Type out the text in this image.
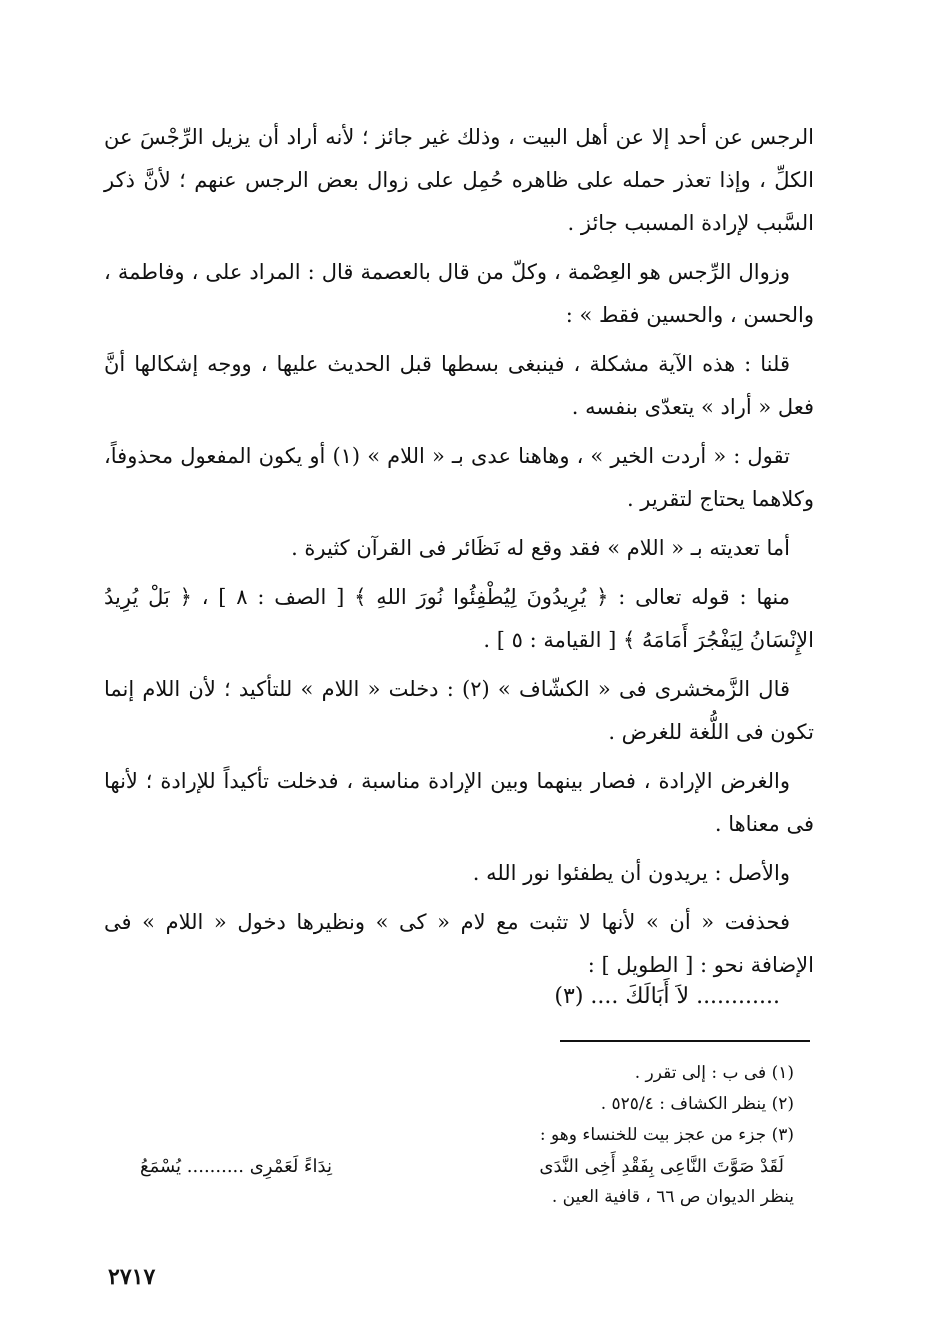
الرجس عن أحد إلا عن أهل البيت ، وذلك غير جائز ؛ لأنه أراد أن يزيل الرِّجْسَ عن الكلِّ ، وإذا تعذر حمله على ظاهره حُمِل على زوال بعض الرجس عنهم ؛ لأنَّ ذكر السَّبب لإرادة المسبب جائز .

وزوال الرِّجس هو العِصْمة ، وكلّ من قال بالعصمة قال : المراد على ، وفاطمة ، والحسن ، والحسين فقط » :

قلنا : هذه الآية مشكلة ، فينبغى بسطها قبل الحديث عليها ، ووجه إشكالها أنَّ فعل « أراد » يتعدّى بنفسه .

تقول : « أردت الخير » ، وهاهنا عدى بـ « اللام » (١) أو يكون المفعول محذوفاً، وكلاهما يحتاج لتقرير .

أما تعديته بـ « اللام » فقد وقع له نَظَائر فى القرآن كثيرة .

منها : قوله تعالى : ﴿ يُرِيدُونَ لِيُطْفِئُوا نُورَ اللهِ ﴾ [ الصف : ٨ ] ، ﴿ بَلْ يُرِيدُ الإِنْسَانُ لِيَفْجُرَ أَمَامَهُ ﴾ [ القيامة : ٥ ] .

قال الزَّمخشرى فى « الكشّاف » (٢) : دخلت « اللام » للتأكيد ؛ لأن اللام إنما تكون فى اللُّغة للغرض .

والغرض الإرادة ، فصار بينهما وبين الإرادة مناسبة ، فدخلت تأكيداً للإرادة ؛ لأنها فى معناها .

والأصل : يريدون أن يطفئوا نور الله .

فحذفت « أن » لأنها لا تثبت مع لام « كى » ونظيرها دخول « اللام » فى الإضافة نحو : [ الطويل ] :

............ لاَ أَبَالَكَ .... (٣)

(١) فى ب : إلى تقرر .

(٢) ينظر الكشاف : ٥٢٥/٤ .

(٣) جزء من عجز بيت للخنساء وهو :

لَقَدْ صَوَّتَ النَّاعِى بِفَقْدِ أَخِى النَّدَى
نِدَاءً لَعَمْرِى .......... يُسْمَعُ

ينظر الديوان ص ٦٦ ، قافية العين .

٢٧١٧
